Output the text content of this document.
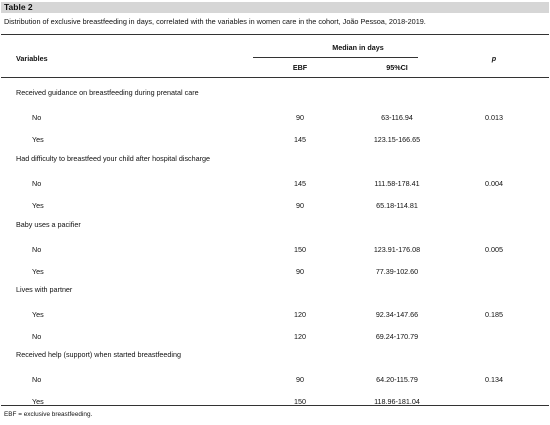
Table 2
Distribution of exclusive breastfeeding in days, correlated with the variables in women care in the cohort, João Pessoa, 2018-2019.
Variables
Median in days
EBF	95%CI
p
Received guidance on breastfeeding during prenatal care
No	90	63-116.94	0.013
Yes	145	123.15-166.65
Had difficulty to breastfeed your child after hospital discharge
No	145	111.58-178.41	0.004
Yes	90	65.18-114.81
Baby uses a pacifier
No	150	123.91-176.08	0.005
Yes	90	77.39-102.60
Lives with partner
Yes	120	92.34-147.66	0.185
No	120	69.24-170.79
Received help (support) when started breastfeeding
No	90	64.20-115.79	0.134
Yes	150	118.96-181.04
EBF = exclusive breastfeeding.
